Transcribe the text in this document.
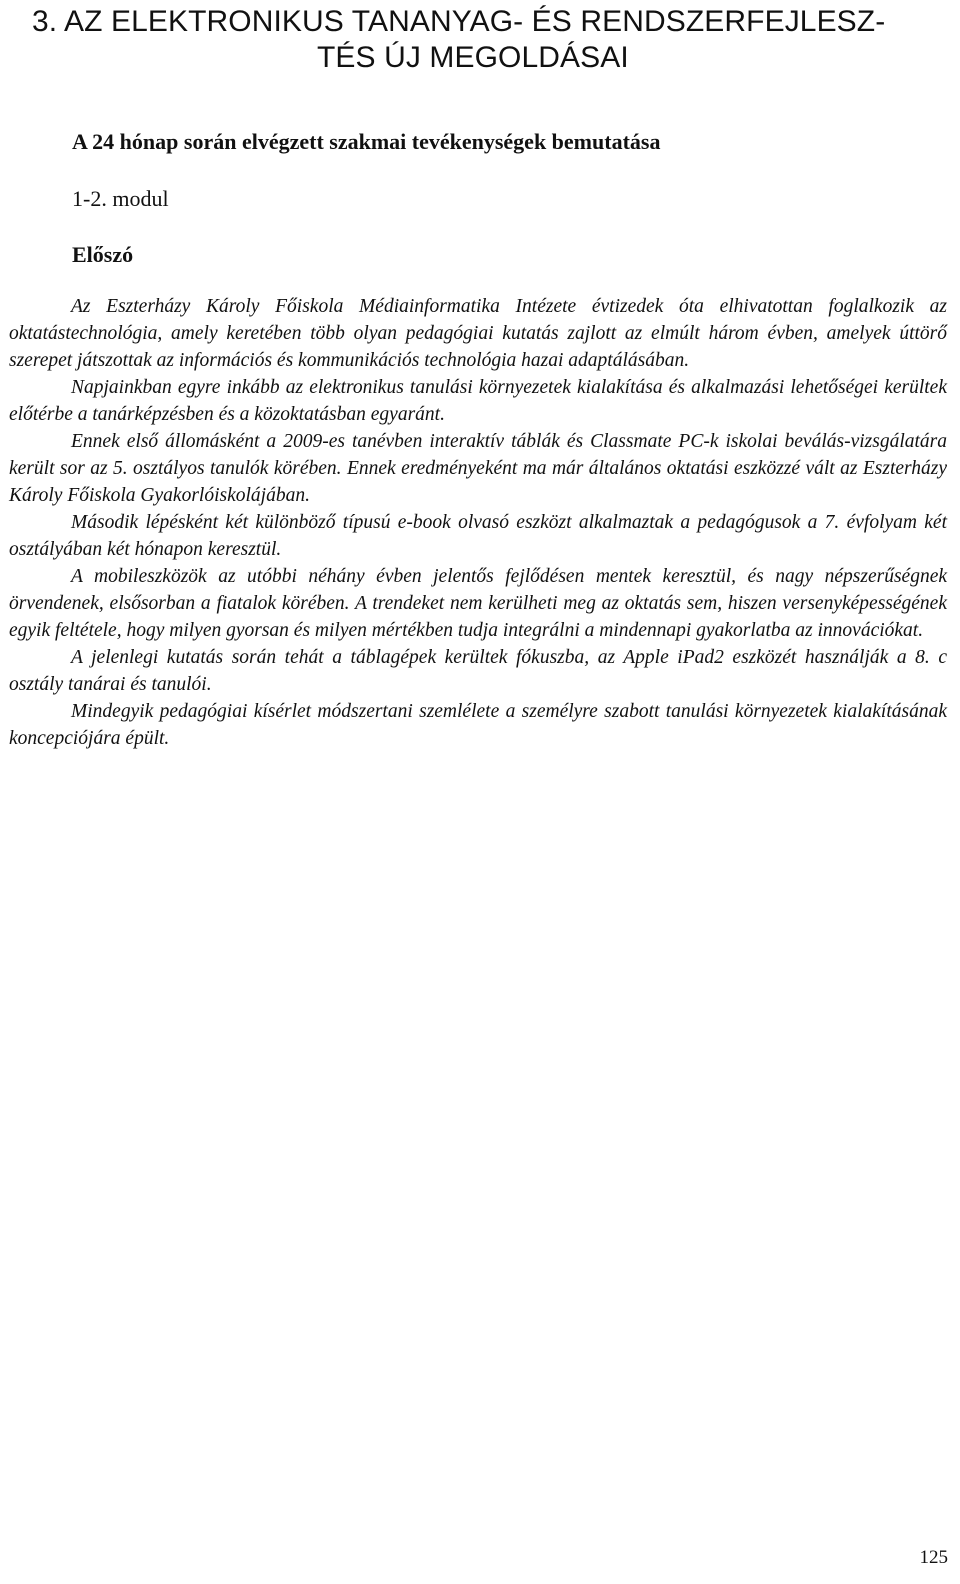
3. AZ ELEKTRONIKUS TANANYAG- ÉS RENDSZERFEJLESZ-
TÉS ÚJ MEGOLDÁSAI
A 24 hónap során elvégzett szakmai tevékenységek bemutatása
1-2. modul
Előszó

Az Eszterházy Károly Főiskola Médiainformatika Intézete évtizedek óta elhivatottan foglalkozik az oktatástechnológia, amely keretében több olyan pedagógiai kutatás zajlott az elmúlt három évben, amelyek úttörő szerepet játszottak az információs és kommunikációs technológia hazai adaptálásában.

Napjainkban egyre inkább az elektronikus tanulási környezetek kialakítása és alkalmazási lehetőségei kerültek előtérbe a tanárképzésben és a közoktatásban egyaránt.

Ennek első állomásként a 2009-es tanévben interaktív táblák és Classmate PC-k iskolai beválás-vizsgálatára került sor az 5. osztályos tanulók körében. Ennek eredményeként ma már általános oktatási eszközzé vált az Eszterházy Károly Főiskola Gyakorlóiskolájában.

Második lépésként két különböző típusú e-book olvasó eszközt alkalmaztak a pedagógusok a 7. évfolyam két osztályában két hónapon keresztül.

A mobileszközök az utóbbi néhány évben jelentős fejlődésen mentek keresztül, és nagy népszerűségnek örvendenek, elsősorban a fiatalok körében. A trendeket nem kerülheti meg az oktatás sem, hiszen versenyképességének egyik feltétele, hogy milyen gyorsan és milyen mértékben tudja integrálni a mindennapi gyakorlatba az innovációkat.

A jelenlegi kutatás során tehát a táblagépek kerültek fókuszba, az Apple iPad2 eszközét használják a 8. c osztály tanárai és tanulói.

Mindegyik pedagógiai kísérlet módszertani szemlélete a személyre szabott tanulási környezetek kialakításának koncepciójára épült.

125
